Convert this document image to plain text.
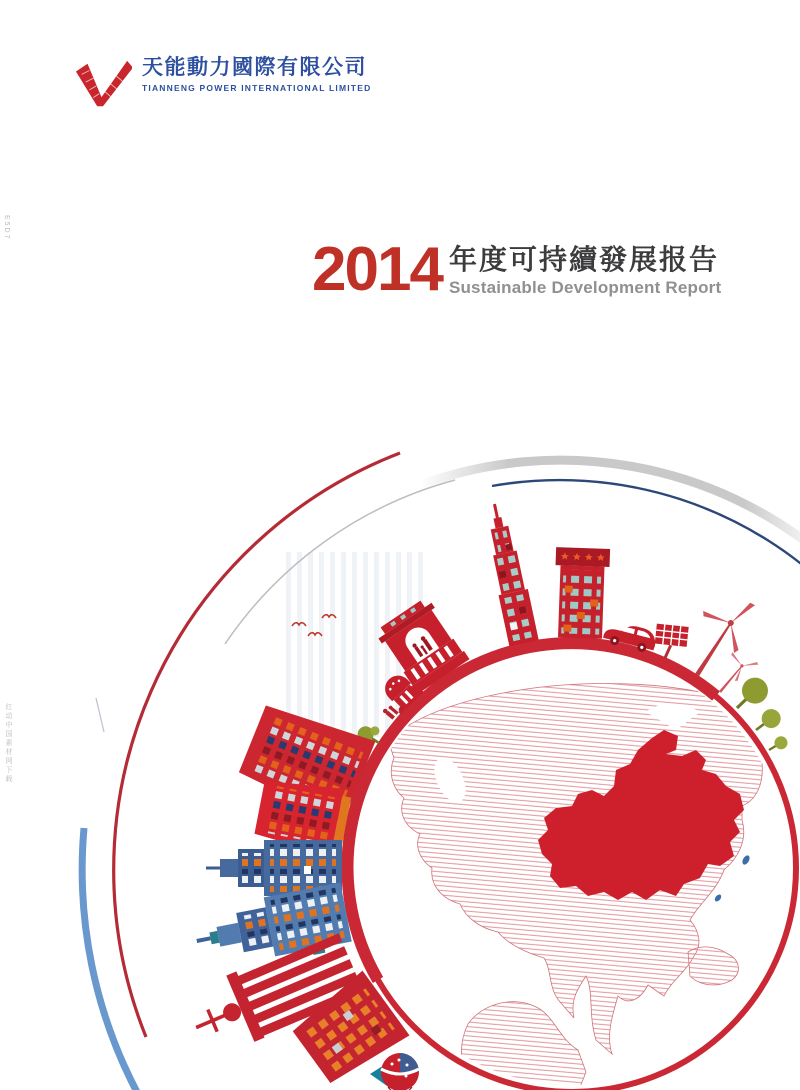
天能動力國際有限公司
TIANNENG POWER INTERNATIONAL LIMITED
E5D7
红动中国素材网下载
2014 年度可持續發展报告
Sustainable Development Report
